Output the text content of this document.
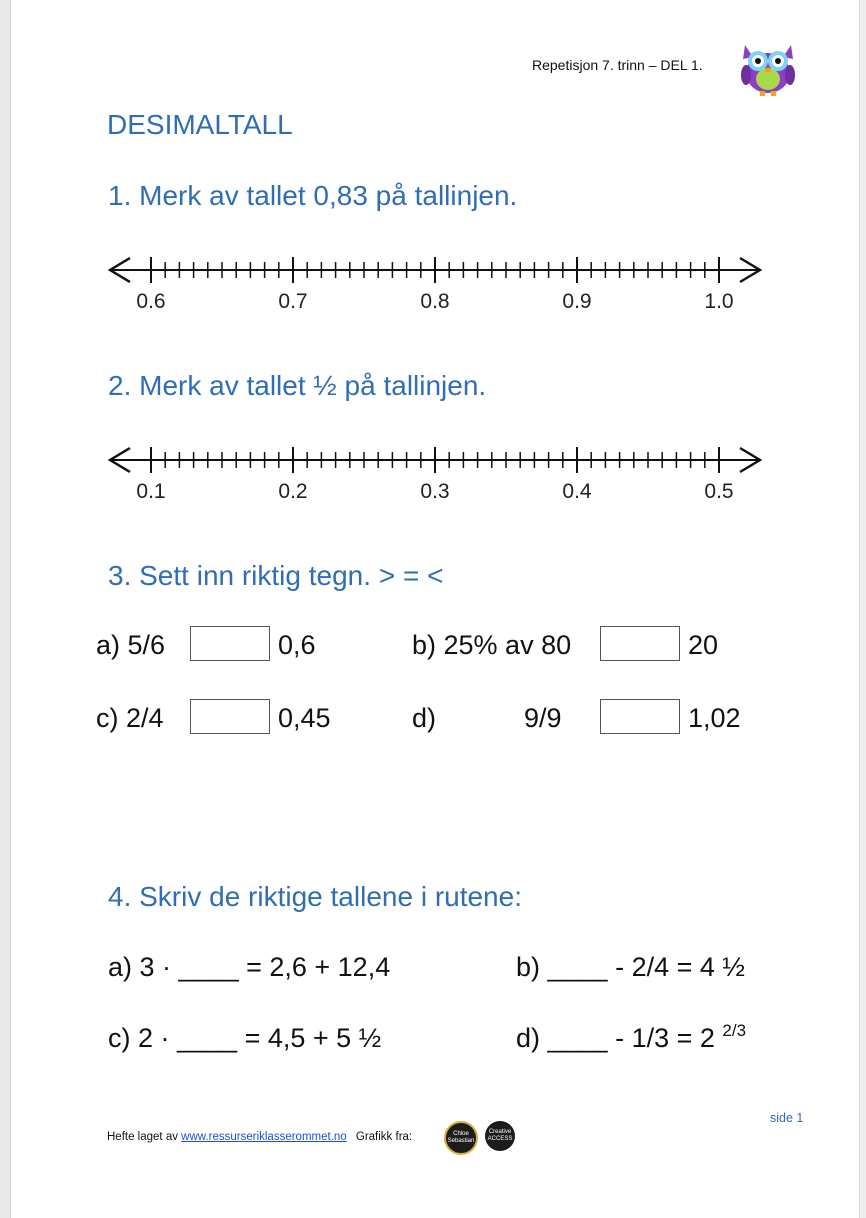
Repetisjon 7. trinn – DEL 1.
DESIMALTALL
1. Merk av tallet 0,83 på tallinjen.
0.6	0.7	0.8	0.9	1.0
2. Merk av tallet ½ på tallinjen.
0.1	0.2	0.3	0.4	0.5
3. Sett inn riktig tegn. > = <
a) 5/6	0,6	b) 25% av 80	20
c) 2/4	0,45	d)	9/9	1,02
4. Skriv de riktige tallene i rutene:
a) 3 · ____ = 2,6 + 12,4	b) ____ - 2/4 = 4 ½
c) 2 · ____ = 4,5 + 5 ½	d) ____ - 1/3 = 2 $^{2/3}$
side 1
Hefte laget av www.ressurseriklasserommet.no Grafikk fra:	Chloe Sebastian
Creative ACCESS
